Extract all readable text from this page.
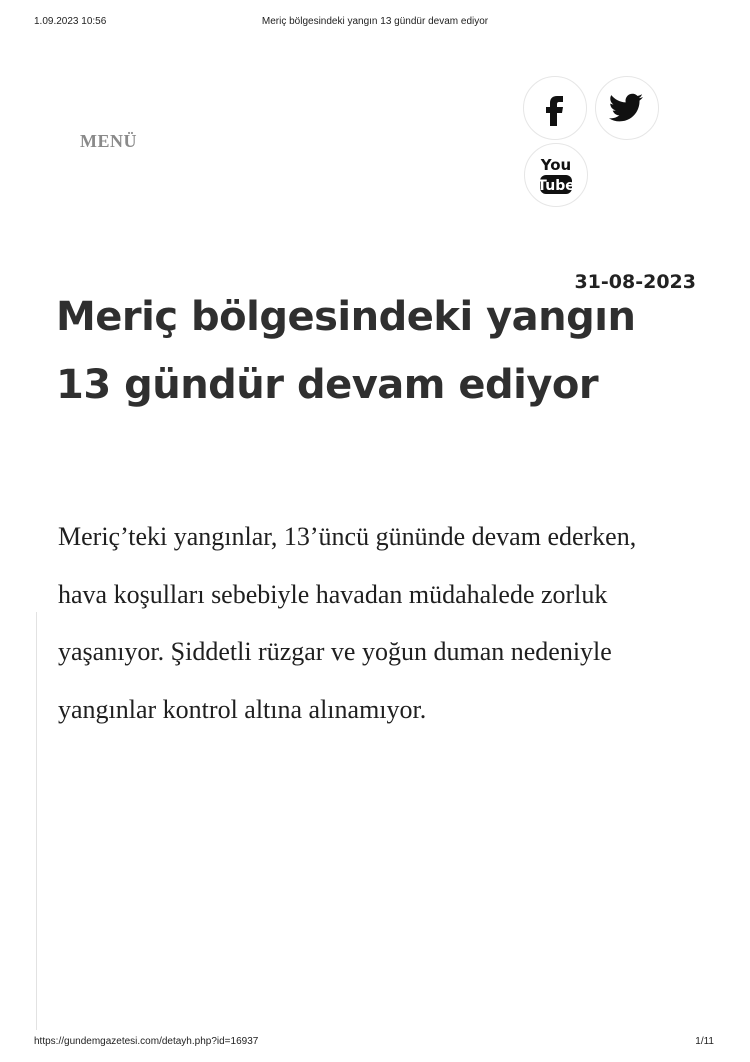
1.09.2023 10:56	Meriç bölgesindeki yangın 13 gündür devam ediyor
MENÜ
You
Tube
31-08-2023
Meriç bölgesindeki yangın 13 gündür devam ediyor

Meriç’teki yangınlar, 13’üncü gününde devam ederken, hava koşulları sebebiyle havadan müdahalede zorluk yaşanıyor. Şiddetli rüzgar ve yoğun duman nedeniyle yangınlar kontrol altına alınamıyor.

https://gundemgazetesi.com/detayh.php?id=16937	1/11
